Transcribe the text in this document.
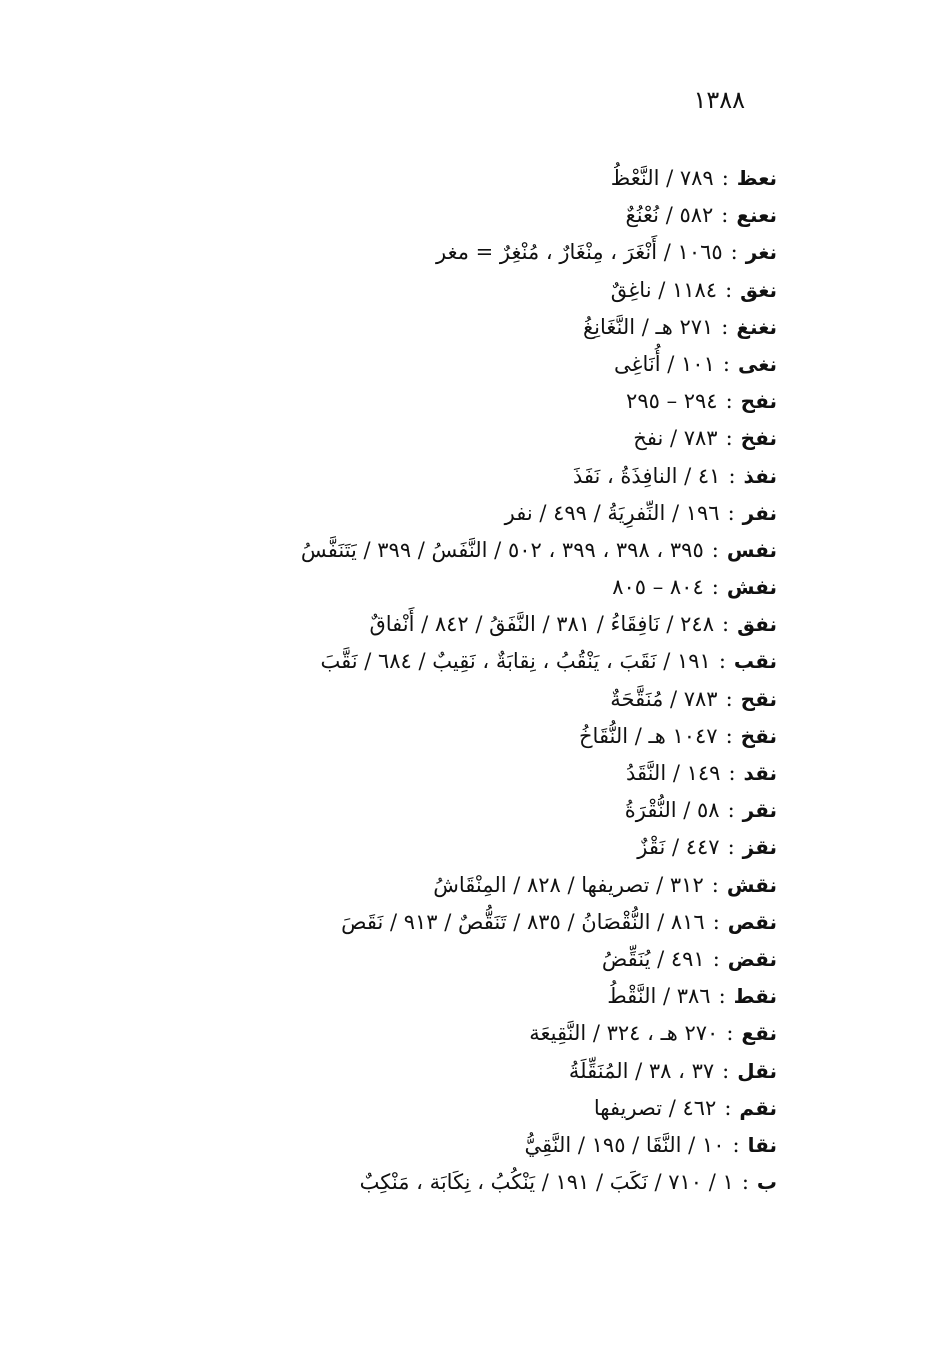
١٣٨٨
نعظ:٧٨٩ / النَّعْظُ
نعنع:٥٨٢ / نُعْنُعٌ
نغر:١٠٦٥ / أَنْغَرَ ، مِنْغَارٌ ، مُنْغِرٌ = مغر
نغق:١١٨٤ / ناغِقٌ
نغنغ:٢٧١ هـ / النَّغَانِغُ
نغى:١٠١ / أُنَاغِى
نفح:٢٩٤ – ٢٩٥
نفخ:٧٨٣ / نفخ
نفذ:٤١ / النافِذَةُ ، نَفَذَ
نفر:١٩٦ / النِّفرِيَةُ / ٤٩٩ / نفر
نفس:٣٩٥ ، ٣٩٨ ، ٣٩٩ ، ٥٠٢ / النَّفَسُ / ٣٩٩ / يَتَنَفَّسُ
نفش:٨٠٤ – ٨٠٥
نفق:٢٤٨ / نَافِقَاءُ / ٣٨١ / النَّفَقُ / ٨٤٢ / أَنْفاقٌ
نقب:١٩١ / نَقَبَ ، يَنْقُبُ ، نِقابَةٌ ، نَقِيبٌ / ٦٨٤ / نَقَّبَ
نقح:٧٨٣ / مُنَقَّحَةٌ
نقخ:١٠٤٧ هـ / النُّقَاخُ
نقد:١٤٩ / النَّقَدُ
نقر:٥٨ / النُّقْرَةُ
نقز:٤٤٧ / نَقْزٌ
نقش:٣١٢ / تصريفها / ٨٢٨ / المِنْقَاشُ
نقص:٨١٦ / النُّقْصَانُ / ٨٣٥ / تَنَقُّصٌ / ٩١٣ / نَقَصَ
نقض:٤٩١ / يُنَقِّضُ
نقط:٣٨٦ / النَّقْطُ
نقع:٢٧٠ هـ ، ٣٢٤ / النَّقِيعَة
نقل:٣٧ ، ٣٨ / المُنَقِّلَةُ
نقم:٤٦٢ / تصريفها
نقا:١٠ / النَّقَا / ١٩٥ / النَّقِيُّ
ب:١ / ٧١٠ / نَكَبَ / ١٩١ / يَنْكُبُ ، نِكَابَة ، مَنْكِبٌ
